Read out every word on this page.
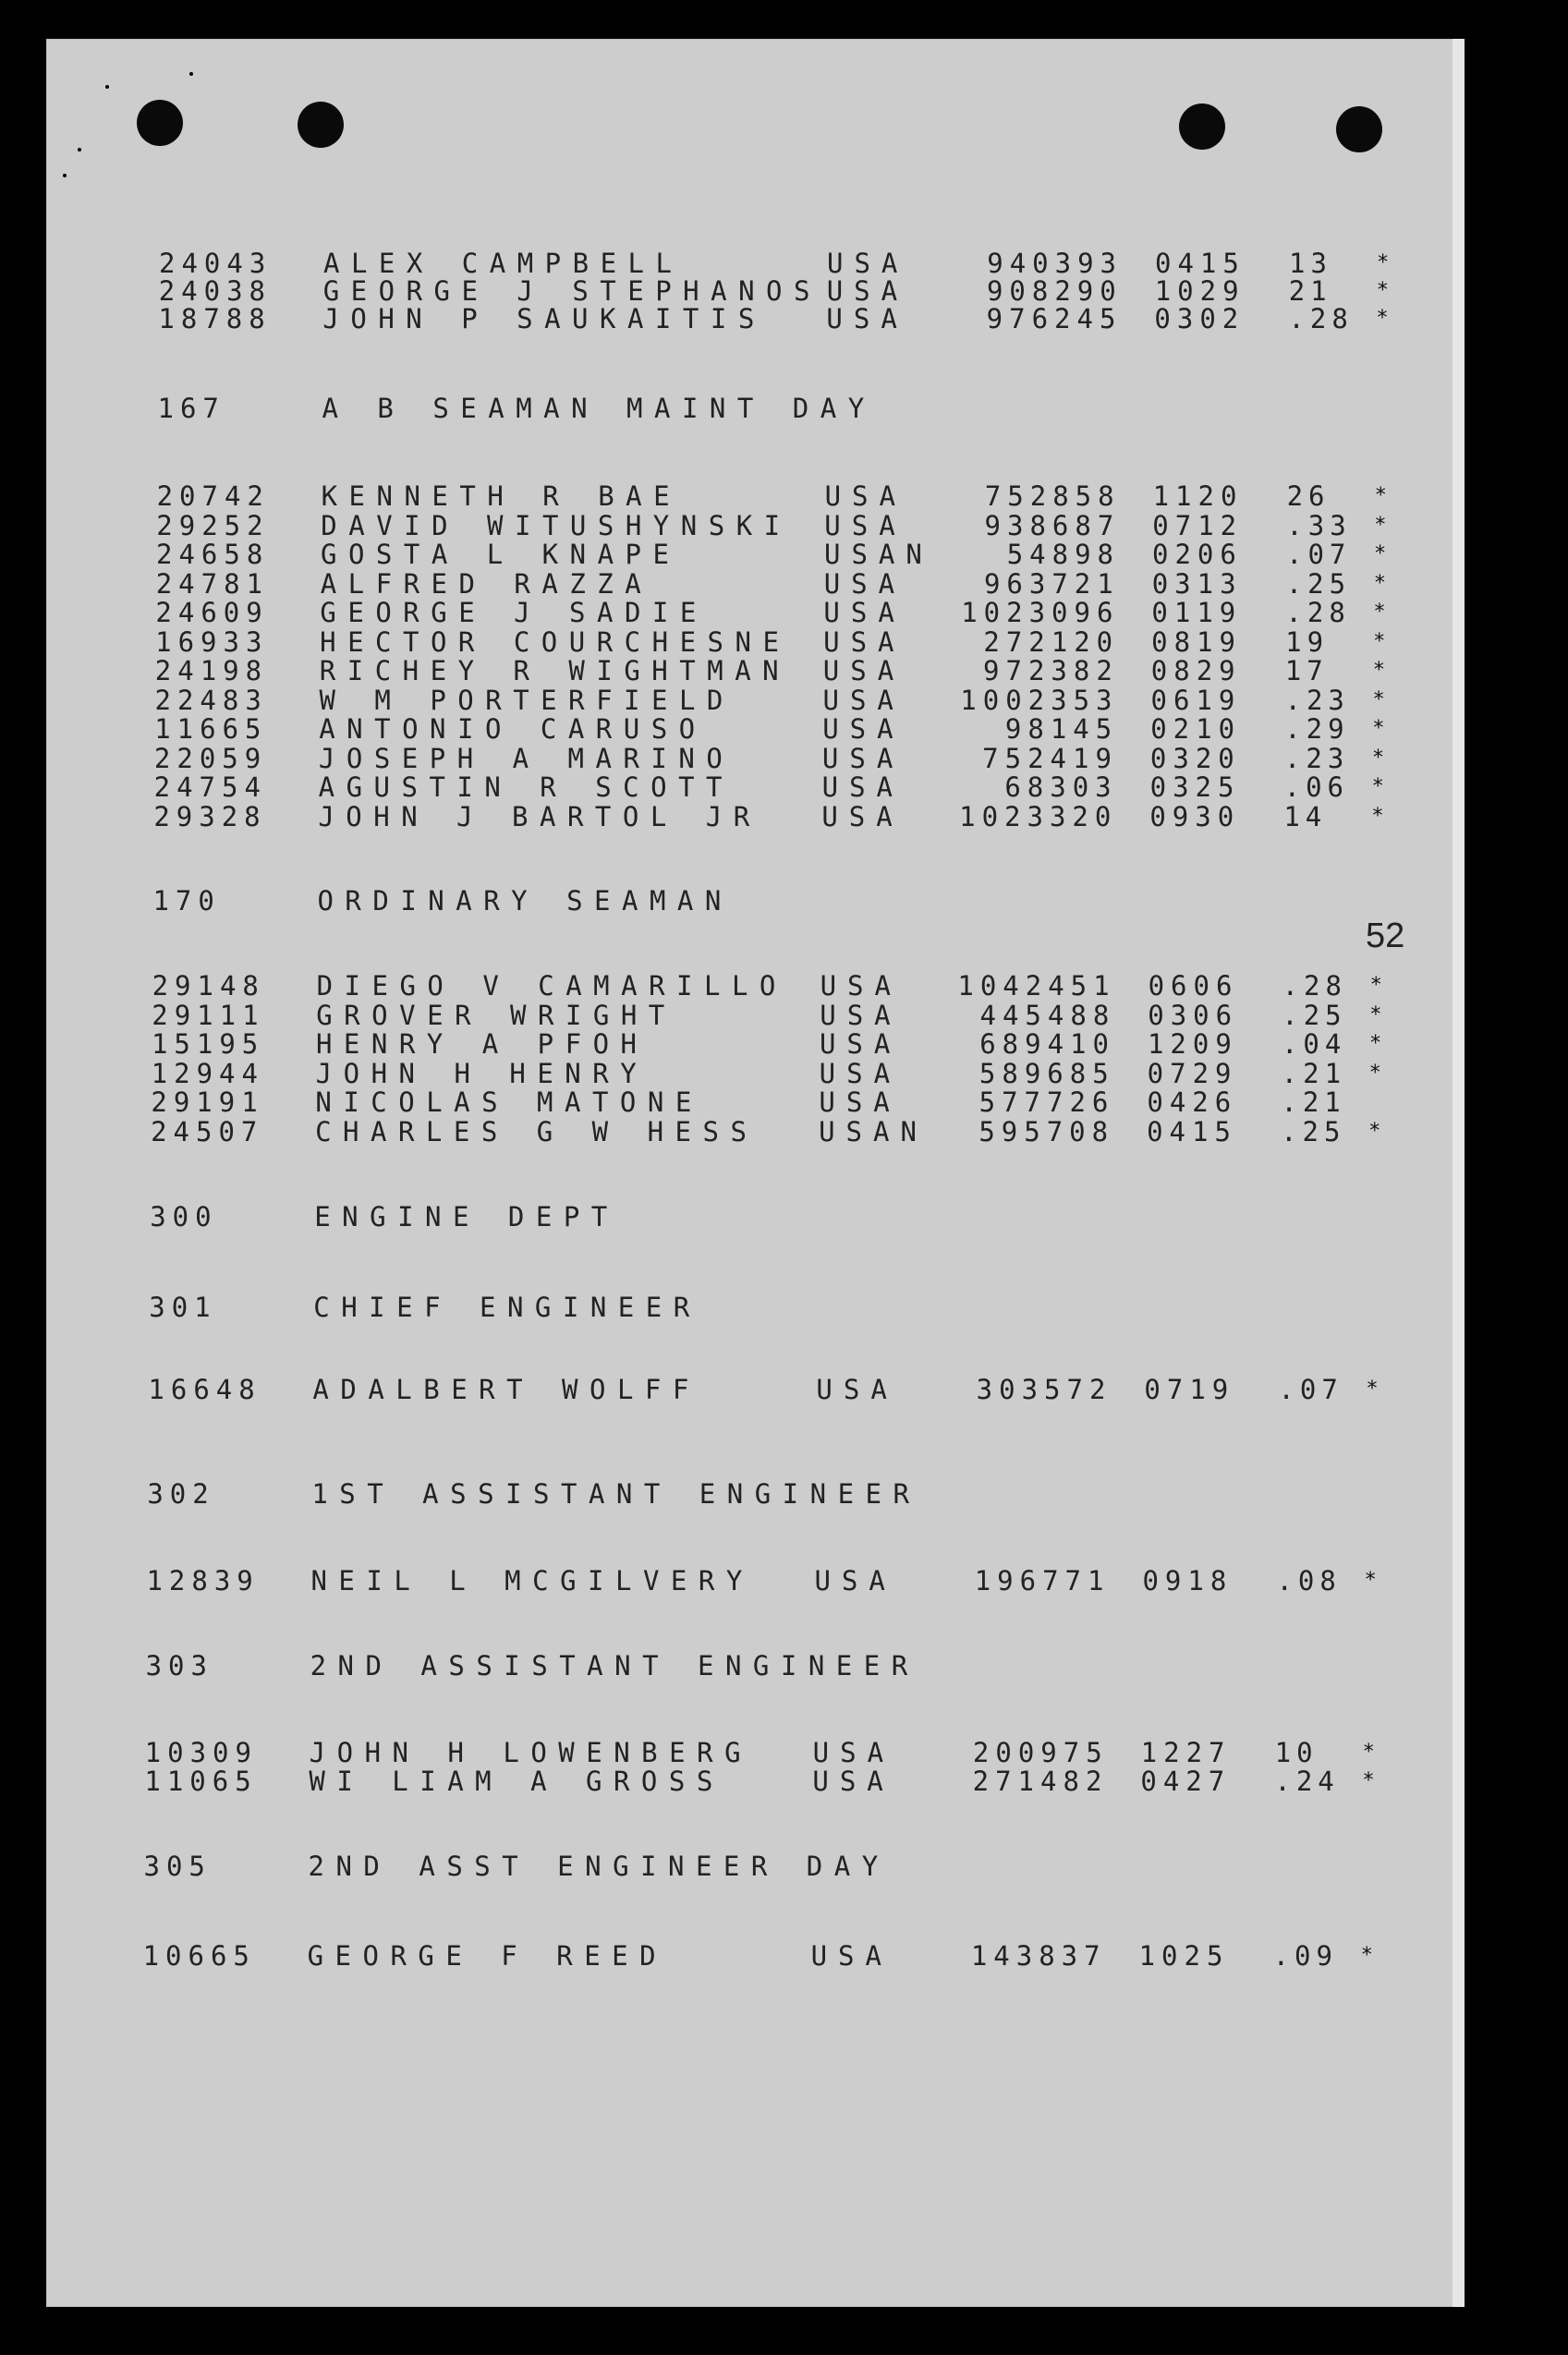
52
24043 ALEX CAMPBELL	USA	940393 0415 13 *
24038 GEORGE J STEPHANOS USA	908290 1029 21 *
18788 JOHN P SAUKAITIS USA	976245 0302 .28 *
167	A B SEAMAN MAINT DAY
20742 KENNETH R BAE	USA	752858 1120 26 *
29252 DAVID WITUSHYNSKI USA	938687 0712 .33 *
24658 GOSTA L KNAPE	USAN	54898 0206 .07 *
24781 ALFRED RAZZA	USA	963721 0313 .25 *
24609 GEORGE J SADIE	USA 1023096 0119 .28 *
16933 HECTOR COURCHESNE USA	272120 0819 19 *
24198 RICHEY R WIGHTMAN USA	972382 0829 17 *
22483 W M PORTERFIELD	USA 1002353 0619 .23 *
11665 ANTONIO CARUSO	USA	98145 0210 .29 *
22059 JOSEPH A MARINO	USA	752419 0320 .23 *
24754 AGUSTIN R SCOTT	USA	68303 0325 .06 *
29328 JOHN J BARTOL JR USA 1023320 0930 14 *
170	ORDINARY SEAMAN
29148 DIEGO V CAMARILLO USA 1042451 0606 .28 *
29111 GROVER WRIGHT	USA	445488 0306 .25 *
15195 HENRY A PFOH	USA	689410 1209 .04 *
12944 JOHN H HENRY	USA	589685 0729 .21 *
29191 NICOLAS MATONE	USA	577726 0426 .21
24507 CHARLES G W HESS USAN 595708 0415 .25 *
300	ENGINE DEPT
301	CHIEF ENGINEER
16648 ADALBERT WOLFF	USA	303572 0719 .07 *
302	1ST ASSISTANT ENGINEER
12839 NEIL L MCGILVERY USA	196771 0918 .08 *
303	2ND ASSISTANT ENGINEER
10309 JOHN H LOWENBERG USA	200975 1227 10 *
11065 WI LIAM A GROSS	USA	271482 0427 .24 *
305	2ND ASST ENGINEER DAY
10665 GEORGE F REED	USA	143837 1025 .09 *
